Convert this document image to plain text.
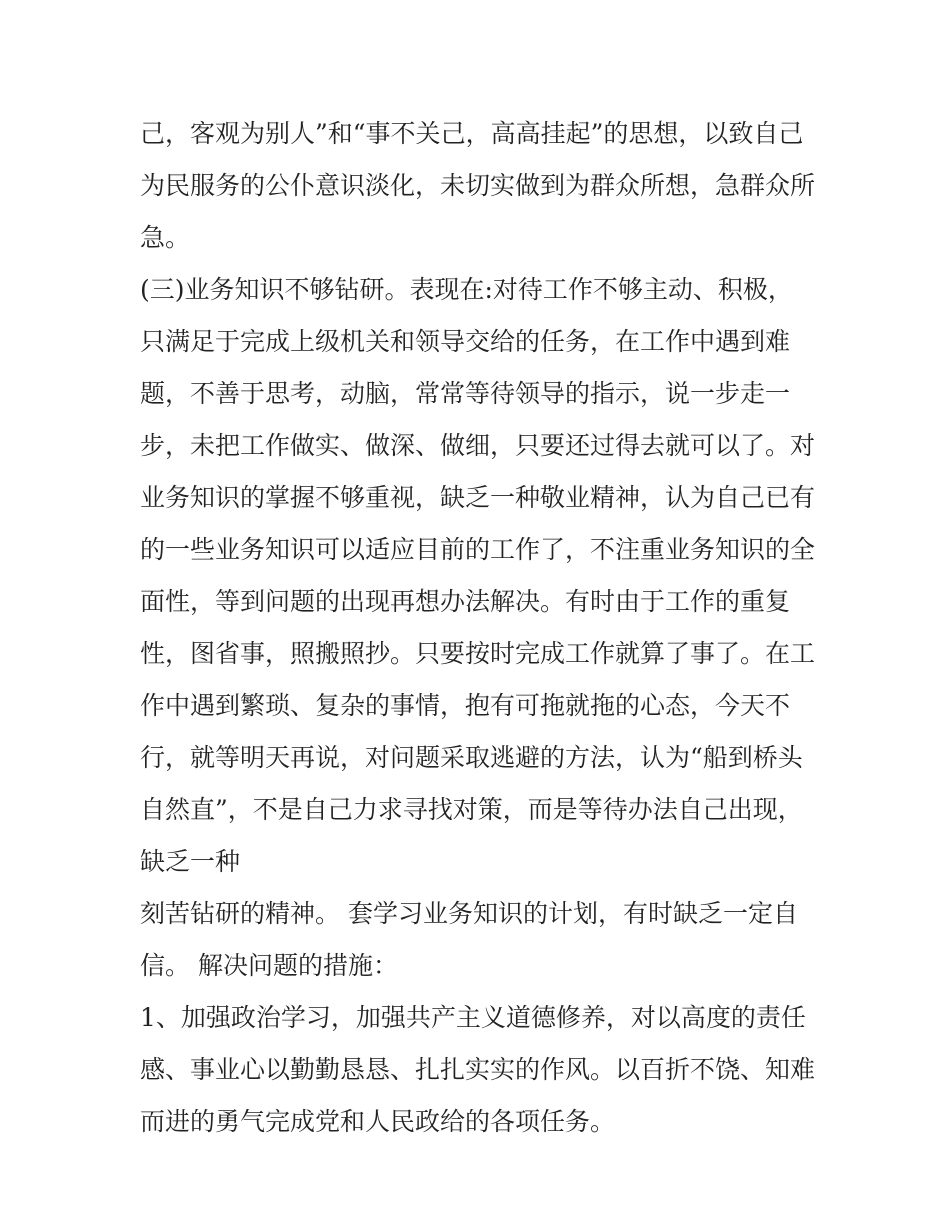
己，客观为别人”和“事不关己，高高挂起”的思想，以致自己
为民服务的公仆意识淡化，未切实做到为群众所想，急群众所
急。
(三)业务知识不够钻研。表现在:对待工作不够主动、积极，
只满足于完成上级机关和领导交给的任务，在工作中遇到难
题，不善于思考，动脑，常常等待领导的指示，说一步走一
步，未把工作做实、做深、做细，只要还过得去就可以了。对
业务知识的掌握不够重视，缺乏一种敬业精神，认为自己已有
的一些业务知识可以适应目前的工作了，不注重业务知识的全
面性，等到问题的出现再想办法解决。有时由于工作的重复
性，图省事，照搬照抄。只要按时完成工作就算了事了。在工
作中遇到繁琐、复杂的事情，抱有可拖就拖的心态，今天不
行，就等明天再说，对问题采取逃避的方法，认为“船到桥头
自然直”，不是自己力求寻找对策，而是等待办法自己出现，
缺乏一种
刻苦钻研的精神。 套学习业务知识的计划，有时缺乏一定自
信。 解决问题的措施：
1、加强政治学习，加强共产主义道德修养，对以高度的责任
感、事业心以勤勤恳恳、扎扎实实的作风。以百折不饶、知难
而进的勇气完成党和人民政给的各项任务。
